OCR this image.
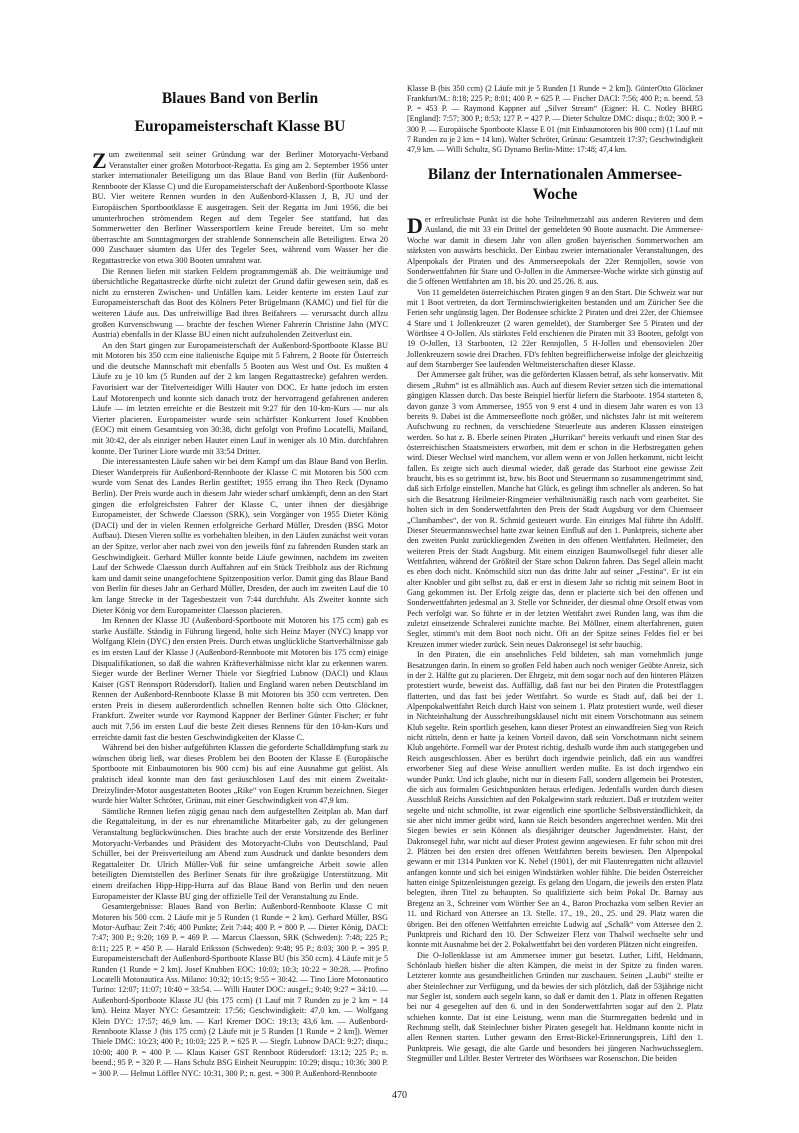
Blaues Band von Berlin
Europameisterschaft Klasse BU

Zum zweitenmal seit seiner Gründung war der Berliner Motoryacht-Verband Veranstalter einer großen Motorboot-Regatta. Es ging am 2. September 1956 unter starker internationaler Beteiligung um das Blaue Band von Berlin (für Außenbord-Rennboote der Klasse C) und die Europameisterschaft der Außenbord-Sportboote Klasse BU. Vier weitere Rennen wurden in den Außenbord-Klassen J, B, JU und der Europäischen Sportbootklasse E ausgetragen. Seit der Regatta im Juni 1956, die bei ununterbrochen strömendem Regen auf dem Tegeler See stattfand, hat das Sommerwetter den Berliner Wassersportlern keine Freude bereitet. Um so mehr überraschte am Sonntagmorgen der strahlende Sonnenschein alle Beteiligten. Etwa 20 000 Zuschauer säumten das Ufer des Tegeler Sees, während vom Wasser her die Regattastrecke von etwa 300 Booten umrahmt war.

Die Rennen liefen mit starken Feldern programmgemäß ab. Die weiträumige und übersichtliche Regattastrecke dürfte nicht zuletzt der Grund dafür gewesen sein, daß es nicht zu ernsteren Zwischen- und Unfällen kam. Leider kenterte im ersten Lauf zur Europameisterschaft das Boot des Kölners Peter Brügelmann (KAMC) und fiel für die weiteren Läufe aus. Das unfreiwillige Bad ihres Beifahrers — verursacht durch allzu großen Kurvenschwung — brachte der feschen Wiener Fahrerin Christine Jahn (MYC Austria) ebenfalls in der Klasse BU einen nicht aufzuholenden Zeitverlust ein.

An den Start gingen zur Europameisterschaft der Außenbord-Sportboote Klasse BU mit Motoren bis 350 ccm eine italienische Equipe mit 5 Fahrern, 2 Boote für Österreich und die deutsche Mannschaft mit ebenfalls 5 Booten aus West und Ost. Es mußten 4 Läufe zu je 10 km (5 Runden auf der 2 km langen Regattastrecke) gefahren werden. Favorisiert war der Titelverteidiger Willi Hauter von DOC. Er hatte jedoch im ersten Lauf Motorenpech und konnte sich danach trotz der hervorragend gefahrenen anderen Läufe — im letzten erreichte er die Bestzeit mit 9:27 für den 10-km-Kurs — nur als Vierter placieren. Europameister wurde sein schärfster Konkurrent Josef Knubben (EOC) mit einem Gesamtsieg von 30:38, dicht gefolgt von Profino Locatelli, Mailand, mit 30:42, der als einziger neben Hauter einen Lauf in weniger als 10 Min. durchfahren konnte. Der Turiner Liore wurde mit 33:54 Dritter.

Die interessantesten Läufe sahen wir bei dem Kampf um das Blaue Band von Berlin. Dieser Wanderpreis für Außenbord-Rennboote der Klasse C mit Motoren bis 500 ccm wurde vom Senat des Landes Berlin gestiftet; 1955 errang ihn Theo Reck (Dynamo Berlin). Der Preis wurde auch in diesem Jahr wieder scharf umkämpft, denn an den Start gingen die erfolgreichsten Fahrer der Klasse C, unter ihnen der diesjährige Europameister, der Schwede Claesson (SRK), sein Vorgänger von 1955 Dieter König (DACI) und der in vielen Rennen erfolgreiche Gerhard Müller, Dresden (BSG Motor Aufbau). Diesen Vieren sollte es vorbehalten bleiben, in den Läufen zunächst weit voran an der Spitze, verlor aber nach zwei von den jeweils fünf zu fahrenden Runden stark an Geschwindigkeit. Gerhard Müller konnte beide Läufe gewinnen, nachdem im zweiten Lauf der Schwede Claesson durch Auffahren auf ein Stück Treibholz aus der Richtung kam und damit seine unangefochtene Spitzenposition verlor. Damit ging das Blaue Band von Berlin für dieses Jahr an Gerhard Müller, Dresden, der auch im zweiten Lauf die 10 km lange Strecke in der Tagesbestzeit von 7:44 durchfuhr. Als Zweiter konnte sich Dieter König vor dem Europameister Claesson placieren.

Im Rennen der Klasse JU (Außenbord-Sportboote mit Motoren bis 175 ccm) gab es starke Ausfälle. Ständig in Führung liegend, holte sich Heinz Mayer (NYC) knapp vor Wolfgang Klein (DYC) den ersten Preis. Durch etwas unglückliche Startverhältnisse gab es im ersten Lauf der Klasse J (Außenbord-Rennboote mit Motoren bis 175 ccm) einige Disqualifikationen, so daß die wahren Kräfteverhältnisse nicht klar zu erkennen waren. Sieger wurde der Berliner Werner Thiele vor Siegfried Lubnow (DACI) und Klaus Kaiser (GST Rennsport Rüdersdorf). Italien und England waren neben Deutschland im Rennen der Außenbord-Rennboote Klasse B mit Motoren bis 350 ccm vertreten. Den ersten Preis in diesem außerordentlich schnellen Rennen holte sich Otto Glöckner, Frankfurt. Zweiter wurde vor Raymond Kappner der Berliner Günter Fischer; er fuhr auch mit 7,56 im ersten Lauf die beste Zeit dieses Rennens für den 10-km-Kurs und erreichte damit fast die besten Geschwindigkeiten der Klasse C.

Während bei den bisher aufgeführten Klassen die geforderte Schalldämpfung stark zu wünschen übrig ließ, war dieses Problem bei den Booten der Klasse E (Europäische Sportboote mit Einbaumotoren bis 900 ccm) bis auf eine Ausnahme gut gelöst. Als praktisch ideal konnte man den fast geräuschlosen Lauf des mit einem Zweitakt-Dreizylinder-Motor ausgestatteten Bootes „Rike“ von Eugen Krumm bezeichnen. Sieger wurde hier Walter Schröter, Grünau, mit einer Geschwindigkeit von 47,9 km.

Sämtliche Rennen liefen zügig genau nach dem aufgestellten Zeitplan ab. Man darf die Regattaleitung, in der es nur ehrenamtliche Mitarbeiter gab, zu der gelungenen Veranstaltung beglückwünschen. Dies brachte auch der erste Vorsitzende des Berliner Motoryacht-Verbandes und Präsident des Motoryacht-Clubs von Deutschland, Paul Schüller, bei der Preisverteilung am Abend zum Ausdruck und dankte besonders dem Regattaleiter Dr. Ulrich Müller-Voß für seine umfangreiche Arbeit sowie allen beteiligten Dienststellen des Berliner Senats für ihre großzügige Unterstützung. Mit einem dreifachen Hipp-Hipp-Hurra auf das Blaue Band von Berlin und den neuen Europameister der Klasse BU ging der offizielle Teil der Veranstaltung zu Ende.

Gesamtergebnisse: Blaues Band von Berlin: Außenbord-Rennboote Klasse C mit Motoren bis 500 ccm. 2 Läufe mit je 5 Runden (1 Runde = 2 km). Gerhard Müller, BSG Motor-Aufbau: Zeit 7:46; 400 Punkte; Zeit 7:44; 400 P. = 800 P. — Dieter König, DACI: 7:47; 300 P.; 9:20; 169 P. = 469 P. — Marcus Claesson, SRK (Schweden): 7:48; 225 P.; 8:11; 225 P. = 450 P. — Harald Eriksson (Schweden): 9:48; 95 P.; 8:03; 300 P. = 395 P. Europameisterschaft der Außenbord-Sportboote Klasse BU (bis 350 ccm). 4 Läufe mit je 5 Runden (1 Runde = 2 km). Josef Knubben EOC: 10:03; 10:3; 10:22 = 30:28. — Profino Locatelli Motonautica Ass. Milano: 10:32; 10:15; 9:55 = 30:42. — Tino Liore Motonautico Turino: 12:07; 11:07; 10:40 = 33:54. — Willi Hauter DOC: ausgef.; 9:40; 9:27 = 34:10. — Außenbord-Sportboote Klasse JU (bis 175 ccm) (1 Lauf mit 7 Runden zu je 2 km = 14 km). Heinz Mayer NYC: Gesamtzeit: 17:56; Geschwindigkeit: 47,0 km. — Wolfgang Klein DYC: 17:57; 46,9 km. — Karl Kremer DOC: 19:13; 43,6 km. — Außenbord-Rennboote Klasse J (bis 175 ccm) (2 Läufe mit je 5 Runden [1 Runde = 2 km]). Werner Thiele DMC: 10:23; 400 P.; 10:03; 225 P. = 625 P. — Siegfr. Lubnow DACI: 9:27; disqu.; 10:00; 400 P. = 400 P. — Klaus Kaiser GST Rennboot Rüdersdorf: 13:12; 225 P.; n. beend.; 95 P. = 320 P. — Hans Schulz BSG Einheit Neuruppin: 10:29; disqu.; 10:36; 300 P. = 300 P. — Helmut Löffler NYC: 10:31, 300 P.; n. gest. = 300 P. Außenbord-Rennboote

Klasse B (bis 350 ccm) (2 Läufe mit je 5 Runden [1 Runde = 2 km]). GünterOtto Glöckner Frankfurt/M.: 8:18; 225 P.; 8:01; 400 P. = 625 P. — Fischer DACI: 7:56; 400 P.; n. beend. 53 P. = 453 P. — Raymond Kappner auf „Silver Stream“ (Eigner: H. C. Notley BHRG [England]: 7:57; 300 P.; 8:53; 127 P. = 427 P. — Dieter Schultze DMC: disqu.; 8:02; 300 P. = 300 P. — Europäische Sportboote Klasse E 01 (mit Einbaumotoren bis 900 ccm) (1 Lauf mit 7 Runden zu je 2 km = 14 km). Walter Schröter, Grünau: Gesamtzeit 17:37; Geschwindigkeit 47,9 km. — Willi Schultz, SG Dynamo Berlin-Mitte: 17:48; 47,4 km.

Bilanz der Internationalen Ammersee-Woche

Der erfreulichste Punkt ist die hohe Teilnehmerzahl aus anderen Revieren und dem Ausland, die mit 33 ein Drittel der gemeldeten 90 Boote ausmacht. Die Ammersee-Woche war damit in diesem Jahr von allen großen bayerischen Sommerwochen am stärksten von auswärts beschickt. Der Einbau zweier internationaler Veranstaltungen, des Alpenpokals der Piraten und des Ammerseepokals der 22er Rennjollen, sowie von Sonderwettfahrten für Stare und O-Jollen in die Ammersee-Woche wirkte sich günstig auf die 5 offenen Wettfahrten am 18. bis 20. und 25./26. 8. aus.

Von 11 gemeldeten österreichischen Piraten gingen 9 an den Start. Die Schweiz war nur mit 1 Boot vertreten, da dort Terminschwierigkeiten bestanden und am Züricher See die Ferien sehr ungünstig lagen. Der Bodensee schickte 2 Piraten und drei 22er, der Chiemsee 4 Stare und 1 Jollenkreuzer (2 waren gemeldet), der Starnberger See 5 Piraten und der Wörthsee 4 O-Jollen. Als stärkstes Feld erschienen die Piraten mit 33 Booten, gefolgt von 19 O-Jollen, 13 Starbooten, 12 22er Rennjollen, 5 H-Jollen und ebensovielen 20er Jollenkreuzern sowie drei Drachen. FD's fehlten begreiflicherweise infolge der gleichzeitig auf dem Starnberger See laufenden Weltmeisterschaften dieser Klasse.

Der Ammersee galt früher, was die geförderten Klassen betraf, als sehr konservativ. Mit diesem „Ruhm“ ist es allmählich aus. Auch auf diesem Revier setzen sich die international gängigen Klassen durch. Das beste Beispiel hierfür liefern die Starboote. 1954 starteten 8, davon ganze 3 vom Ammersee, 1955 von 9 erst 4 und in diesem Jahr waren es von 13 bereits 9. Dabei ist die Ammerseeflotte noch größer, und nächstes Jahr ist mit weiterem Aufschwung zu rechnen, da verschiedene Steuerleute aus anderen Klassen einsteigen werden. So hat z. B. Eberle seinen Piraten „Hurrikan“ bereits verkauft und einen Star des österreichischen Staatsmeisters erworben, mit dem er schon in die Herbstregatten gehen wird. Dieser Wechsel wird manchem, vor allem wenn er von Jollen herkommt, nicht leicht fallen. Es zeigte sich auch diesmal wieder, daß gerade das Starboot eine gewisse Zeit braucht, bis es so getrimmt ist, bzw. bis Boot und Steuermann so zusammengetrimmt sind, daß sich Erfolge einstellen. Manche hat Glück, es gelingt ihm schneller als anderen. So hat sich die Besatzung Heilmeier-Ringmeier verhältnismäßig rasch nach vorn gearbeitet. Sie holten sich in den Sonderwettfahrten den Preis der Stadt Augsburg vor dem Chiemseer „Clambambes“, der von R. Schmid gesteuert wurde. Ein einziges Mal führte ihn Adolff. Dieser Steuermannswechsel hatte zwar keinen Einfluß auf den 1. Punktpreis, sicherte aber den zweiten Punkt zurückliegenden Zweiten in den offenen Wettfahrten. Heilmeier, den weiteren Preis der Stadt Augsburg. Mit einem einzigen Baumwollsegel fuhr dieser alle Wettfahrten, während der Größteil der Stare schon Dakron fahren. Das Segel allein macht es eben doch nicht. Knörnschild sitzt nun das dritte Jahr auf seiner „Festina“. Er ist ein alter Knobler und gibt selbst zu, daß er erst in diesem Jahr so richtig mit seinem Boot in Gang gekommen ist. Der Erfolg zeigte das, denn er placierte sich bei den offenen und Sonderwettfahrten jedesmal an 3. Stelle vor Schneider, der diesmal ohne Orsolf etwas vom Pech verfolgt war. So führte er in der letzten Wettfahrt zwei Runden lang, was ihm die zuletzt einsetzende Schralerei zunichte machte. Bei Möllner, einem alterfahrenen, guten Segler, stimmt's mit dem Boot noch nicht. Oft an der Spitze seines Feldes fiel er bei Kreuzen immer wieder zurück. Sein neues Dakronsegel ist sehr bauchig.

In den Piraten, die ein ansehnliches Feld bildeten, sah man vornehmlich junge Besatzungen darin. In einem so großen Feld haben auch noch weniger Geübte Anreiz, sich in der 2. Hälfte gut zu placieren. Der Ehrgeiz, mit dem sogar noch auf den hinteren Plätzen protestiert wurde, beweist das. Auffällig, daß fast nur bei den Piraten die Protestflaggen flatterten, und das fast bei jeder Wettfahrt. So wurde es Stadt auf, daß bei der 1. Alpenpokalwettfahrt Reich durch Haist von seinem 1. Platz protestiert wurde, weil dieser in Nichteinhaltung der Ausschreibungsklausel nicht mit einem Vorschotmann aus seinem Klub segelte. Rein sportlich gesehen, kann dieser Protest an einwandfreien Sieg von Reich nicht rütteln, denn er hatte ja keinen Vorteil davon, daß sein Vorschotmann nicht seinem Klub angehörte. Formell war der Protest richtig, deshalb wurde ihm auch stattgegeben und Reich ausgeschlossen. Aber es berührt doch irgendwie peinlich, daß ein aus wandfrei erworbener Sieg auf diese Weise annulliert werden mußte. Es ist doch irgendwo ein wunder Punkt. Und ich glaube, nicht nur in diesem Fall, sondern allgemein bei Protesten, die sich aus formalen Gesichtspunkten heraus erledigen. Jedenfalls wurden durch diesen Ausschluß Reichs Aussichten auf den Pokalgewinn stark reduziert. Daß er trotzdem weiter segelte und nicht schmollte, ist zwar eigentlich eine sportliche Selbstverständlichkeit, da sie aber nicht immer geübt wird, kann sie Reich besonders angerechnet werden. Mit drei Siegen bewies er sein Können als diesjähriger deutscher Jugendmeister. Haist, der Dakronsegel fuhr, war nicht auf dieser Protest gewinn angewiesen. Er fuhr schon mit drei 2. Plätzen bei den ersten drei offenen Wettfahrten bereits bewiesen. Den Alpenpokal gewann er mit 1314 Punkten vor K. Nebel (1901), der mit Flautenregatten nicht allzuviel anfangen konnte und sich bei einigen Windstärken wohler fühlte. Die beiden Österreicher hatten einige Spitzenleistungen gezeigt. Es gelang den Ungarn, die jeweils den ersten Platz belegten, ihren Titel zu behaupten. So qualifizierte sich beim Pokal Dr. Barnay aus Bregenz an 3., Schreiner vom Wörther See an 4., Baron Prochazka vom selben Revier an 11. und Richard von Attersee an 13. Stelle. 17., 19., 20., 25. und 29. Platz waren die übrigen. Bei den offenen Wettfahrten erreichte Ludwig auf „Schalk“ vom Attersee den 2. Punktpreis und Richard den 10. Der Schweizer Flerz von Thalwil wechselte sehr und konnte mit Ausnahme bei der 2. Pokalwettfahrt bei den vorderen Plätzen nicht eingreifen.

Die O-Jollenklasse ist am Ammersee immer gut besetzt. Luther, Liftl, Heldmann, Schönlaub hießen bisher die alten Kämpen, die meist in der Spitze zu finden waren. Letzterer konnte aus gesundheitlichen Gründen nur zuschauen. Seinen „Laubi“ steilte er aber Steinlechner zur Verfügung, und da bewies der sich plötzlich, daß der 53jährige nicht nur Segler ist, sondern auch segeln kann, so daß er damit den 1. Platz in offenen Regatten bei nur 4 gesegelten auf den 6. und in den Sonderwettfahrten sogar auf den 2. Platz schieben konnte. Dat ist eine Leistung, wenn man die Sturmregatten bedenkt und in Rechnung stellt, daß Steinlechner bisher Piraten gesegelt hat. Heldmann konnte nicht in allen Rennen starten. Luther gewann den Ernst-Bickel-Erinnerungspreis, Liftl den 1. Punktpreis. Wie gesagt, die alte Garde und besonders bei jüngeren Nachwuchsseglern. Stegmüller und Liltler. Bester Vertreter des Wörthsees war Rosenschon. Die beiden

470
